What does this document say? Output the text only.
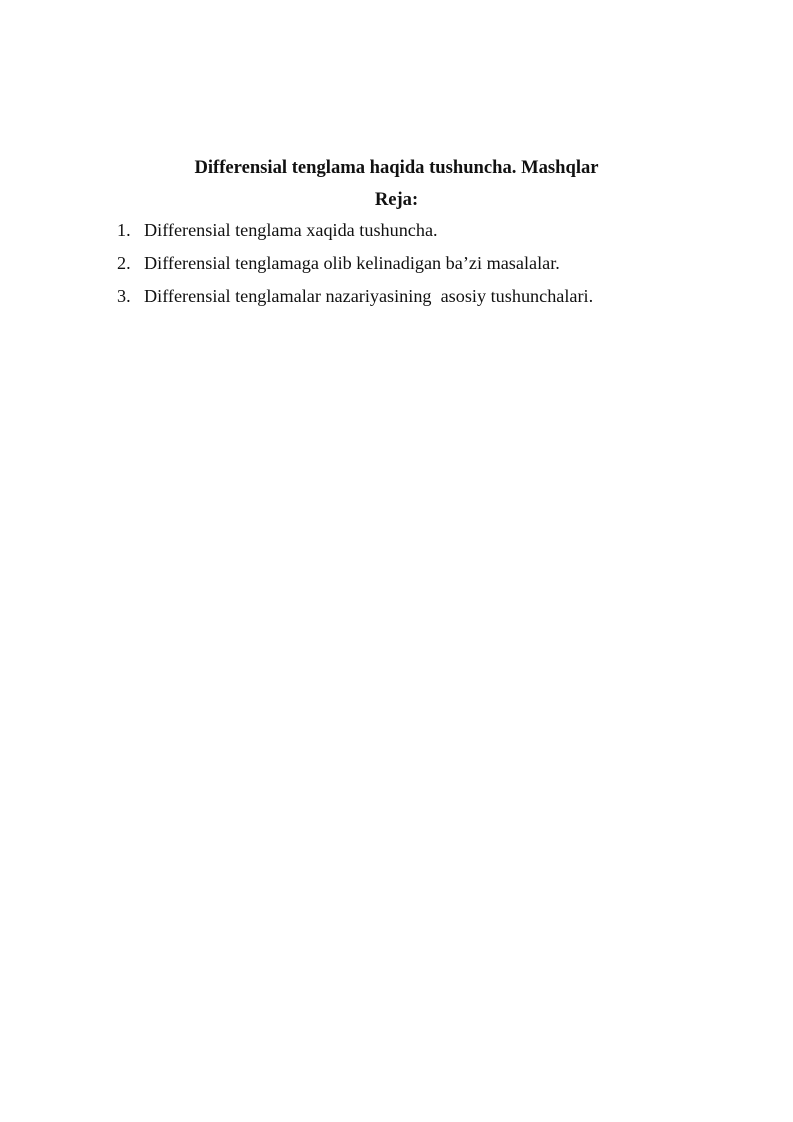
Differensial tenglama haqida tushuncha. Mashqlar
Reja:
1. Differensial tenglama xaqida tushuncha.
2. Differensial tenglamaga olib kelinadigan ba’zi masalalar.
3. Differensial tenglamalar nazariyasining  asosiy tushunchalari.
